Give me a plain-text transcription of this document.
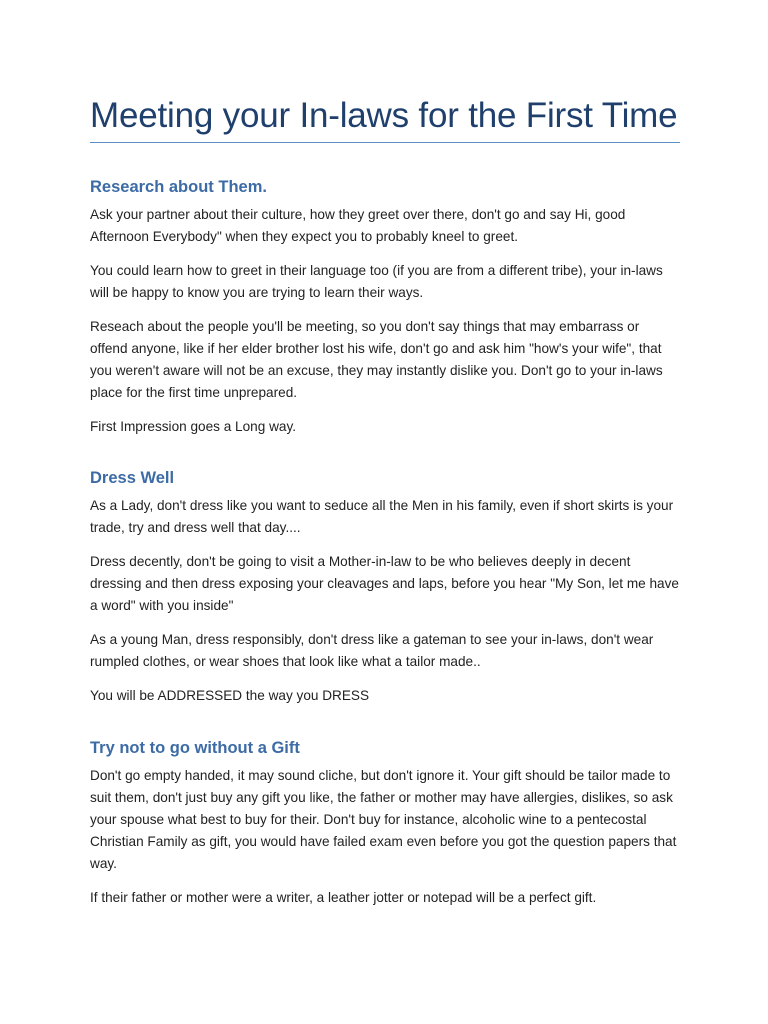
Meeting your In-laws for the First Time
Research about Them.

Ask your partner about their culture, how they greet over there, don't go and say Hi, good Afternoon Everybody" when they expect you to probably kneel to greet.

You could learn how to greet in their language too (if you are from a different tribe), your in-laws will be happy to know you are trying to learn their ways.

Reseach about the people you'll be meeting, so you don't say things that may embarrass or offend anyone, like if her elder brother lost his wife, don't go and ask him "how's your wife", that you weren't aware will not be an excuse, they may instantly dislike you. Don't go to your in-laws place for the first time unprepared.

First Impression goes a Long way.

Dress Well

As a Lady, don't dress like you want to seduce all the Men in his family, even if short skirts is your trade, try and dress well that day....

Dress decently, don't be going to visit a Mother-in-law to be who believes deeply in decent dressing and then dress exposing your cleavages and laps, before you hear "My Son, let me have a word" with you inside"

As a young Man, dress responsibly, don't dress like a gateman to see your in-laws, don't wear rumpled clothes, or wear shoes that look like what a tailor made..

You will be ADDRESSED the way you DRESS

Try not to go without a Gift

Don't go empty handed, it may sound cliche, but don't ignore it. Your gift should be tailor made to suit them, don't just buy any gift you like, the father or mother may have allergies, dislikes, so ask your spouse what best to buy for their. Don't buy for instance, alcoholic wine to a pentecostal Christian Family as gift, you would have failed exam even before you got the question papers that way.

If their father or mother were a writer, a leather jotter or notepad will be a perfect gift.
